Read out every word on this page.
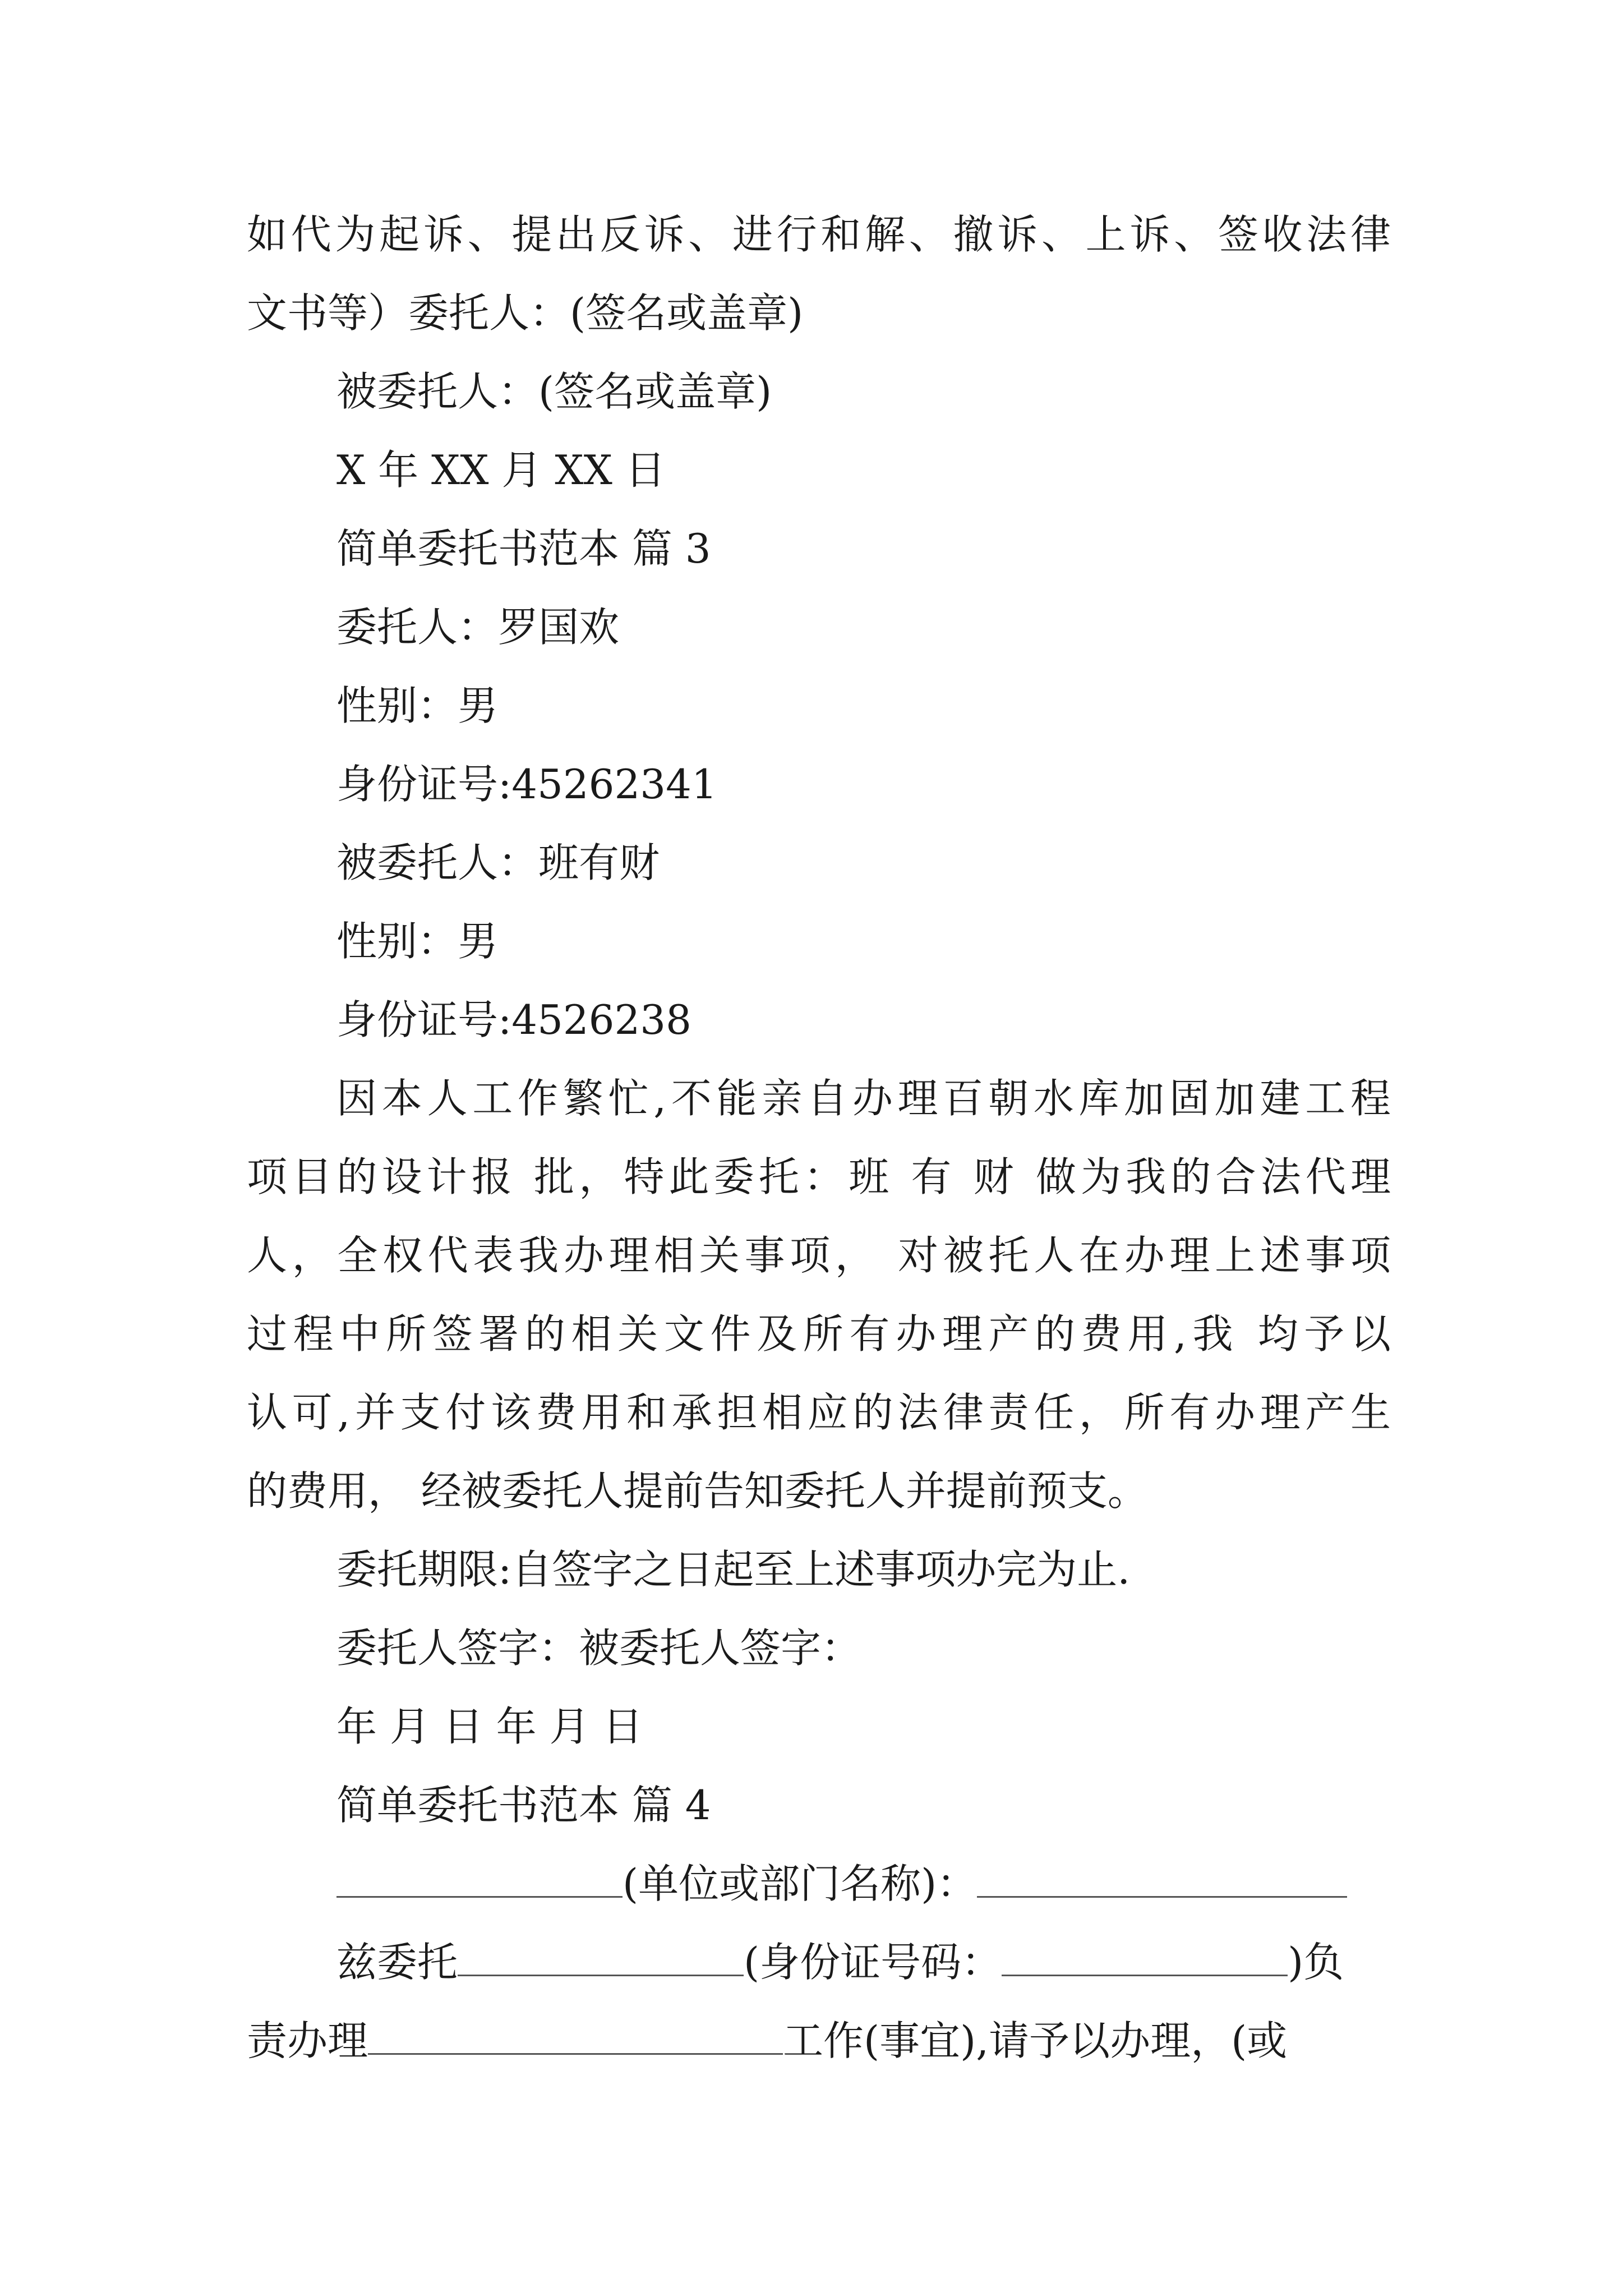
如代为起诉、提出反诉、进行和解、撤诉、上诉、签收法律
文书等）委托人：(签名或盖章)
被委托人：(签名或盖章)
X 年 XX 月 XX 日
简单委托书范本 篇 3
委托人：罗国欢
性别：男
身份证号:45262341
被委托人：班有财
性别：男
身份证号:4526238
因本人工作繁忙,不能亲自办理百朝水库加固加建工程
项目的设计报 批，特此委托：班 有 财 做为我的合法代理
人，全权代表我办理相关事项， 对被托人在办理上述事项
过程中所签署的相关文件及所有办理产的费用,我 均予以
认可,并支付该费用和承担相应的法律责任，所有办理产生
的费用， 经被委托人提前告知委托人并提前预支。
委托期限:自签字之日起至上述事项办完为止.
委托人签字：被委托人签字：
年 月 日 年 月 日
简单委托书范本 篇 4
(单位或部门名称)：
兹委托	(身份证号码：	)负
责办理	工作(事宜),请予以办理，(或
